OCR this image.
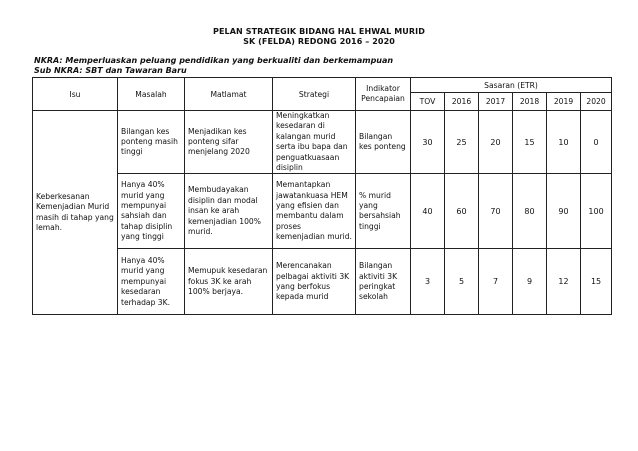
PELAN STRATEGIK BIDANG HAL EHWAL MURID
SK (FELDA) REDONG 2016 – 2020
NKRA: Memperluaskan peluang pendidikan yang berkualiti dan berkemampuan
Sub NKRA: SBT dan Tawaran Baru
Isu	Masalah	Matlamat	Strategi	Indikator Pencapaian	Sasaran (ETR)					
					TOV	2016	2017	2018	2019	2020
Keberkesanan Kemenjadian Murid masih di tahap yang lemah.	Bilangan kes ponteng masih tinggi	Menjadikan kes ponteng sifar menjelang 2020	Meningkatkan kesedaran di kalangan murid serta ibu bapa dan penguatkuasaan disiplin	Bilangan kes ponteng	30	25	20	15	10	0
	Hanya 40% murid yang mempunyai sahsiah dan tahap disiplin yang tinggi	Membudayakan disiplin dan modal insan ke arah kemenjadian 100% murid.	Memantapkan jawatankuasa HEM yang efisien dan membantu dalam proses kemenjadian murid.	% murid yang bersahsiah tinggi	40	60	70	80	90	100
	Hanya 40% murid yang mempunyai kesedaran terhadap 3K.	Memupuk kesedaran fokus 3K ke arah 100% berjaya.	Merencanakan pelbagai aktiviti 3K yang berfokus kepada murid	Bilangan aktiviti 3K peringkat sekolah	3	5	7	9	12	15
